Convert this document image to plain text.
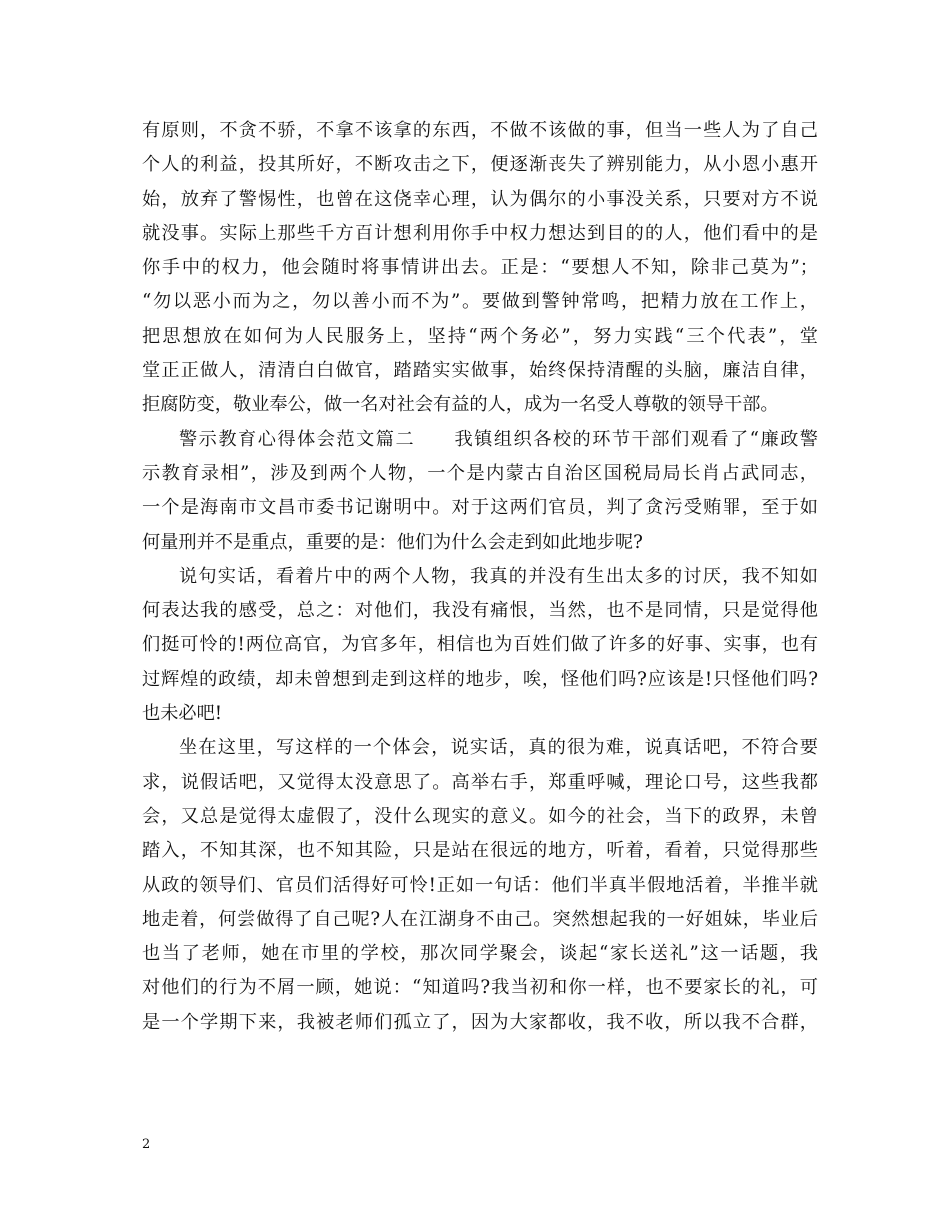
有原则，不贪不骄，不拿不该拿的东西，不做不该做的事，但当一些人为了自己
个人的利益，投其所好，不断攻击之下，便逐渐丧失了辨别能力，从小恩小惠开
始，放弃了警惕性，也曾在这侥幸心理，认为偶尔的小事没关系，只要对方不说
就没事。实际上那些千方百计想利用你手中权力想达到目的的人，他们看中的是
你手中的权力，他会随时将事情讲出去。正是：“要想人不知，除非己莫为”；
“勿以恶小而为之，勿以善小而不为”。要做到警钟常鸣，把精力放在工作上，
把思想放在如何为人民服务上，坚持“两个务必”，努力实践“三个代表”，堂
堂正正做人，清清白白做官，踏踏实实做事，始终保持清醒的头脑，廉洁自律，
拒腐防变，敬业奉公，做一名对社会有益的人，成为一名受人尊敬的领导干部。
警示教育心得体会范文篇二　　我镇组织各校的环节干部们观看了“廉政警
示教育录相”，涉及到两个人物，一个是内蒙古自治区国税局局长肖占武同志，
一个是海南市文昌市委书记谢明中。对于这两们官员，判了贪污受贿罪，至于如
何量刑并不是重点，重要的是：他们为什么会走到如此地步呢?
说句实话，看着片中的两个人物，我真的并没有生出太多的讨厌，我不知如
何表达我的感受，总之：对他们，我没有痛恨，当然，也不是同情，只是觉得他
们挺可怜的!两位高官，为官多年，相信也为百姓们做了许多的好事、实事，也有
过辉煌的政绩，却未曾想到走到这样的地步，唉，怪他们吗?应该是!只怪他们吗?
也未必吧!
坐在这里，写这样的一个体会，说实话，真的很为难，说真话吧，不符合要
求，说假话吧，又觉得太没意思了。高举右手，郑重呼喊，理论口号，这些我都
会，又总是觉得太虚假了，没什么现实的意义。如今的社会，当下的政界，未曾
踏入，不知其深，也不知其险，只是站在很远的地方，听着，看着，只觉得那些
从政的领导们、官员们活得好可怜!正如一句话：他们半真半假地活着，半推半就
地走着，何尝做得了自己呢?人在江湖身不由己。突然想起我的一好姐妹，毕业后
也当了老师，她在市里的学校，那次同学聚会，谈起“家长送礼”这一话题，我
对他们的行为不屑一顾，她说：“知道吗?我当初和你一样，也不要家长的礼，可
是一个学期下来，我被老师们孤立了，因为大家都收，我不收，所以我不合群，
2
